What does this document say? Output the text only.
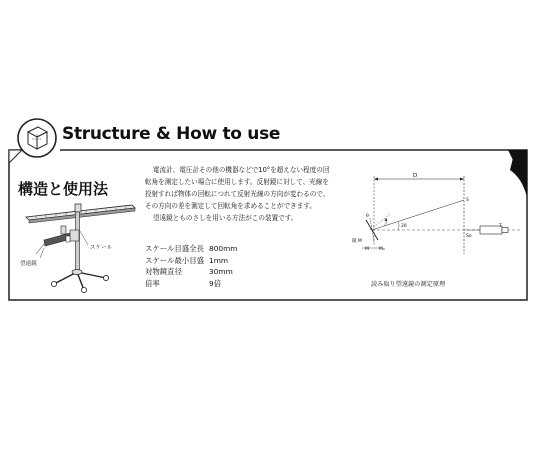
Structure & How to use
構造と使用法
スケール
望遠鏡

電流計、電圧計その他の機器などで10°を超えない程度の回

転角を測定したい場合に使用します。反射鏡に対して、光線を
投射すれば物体の回転につれて反射光線の方向が変わるので、
その方向の差を測定して回転角を求めることができます。

望遠鏡とものさしを用いる方法がこの装置です。

スケール目盛全長 800mm
スケール最小目盛 1mm
対物鏡直径	30mm
倍率	9倍
D
S
T
So
2θ
θ
鏡 M
M M₀
読み取り望遠鏡の測定原理
